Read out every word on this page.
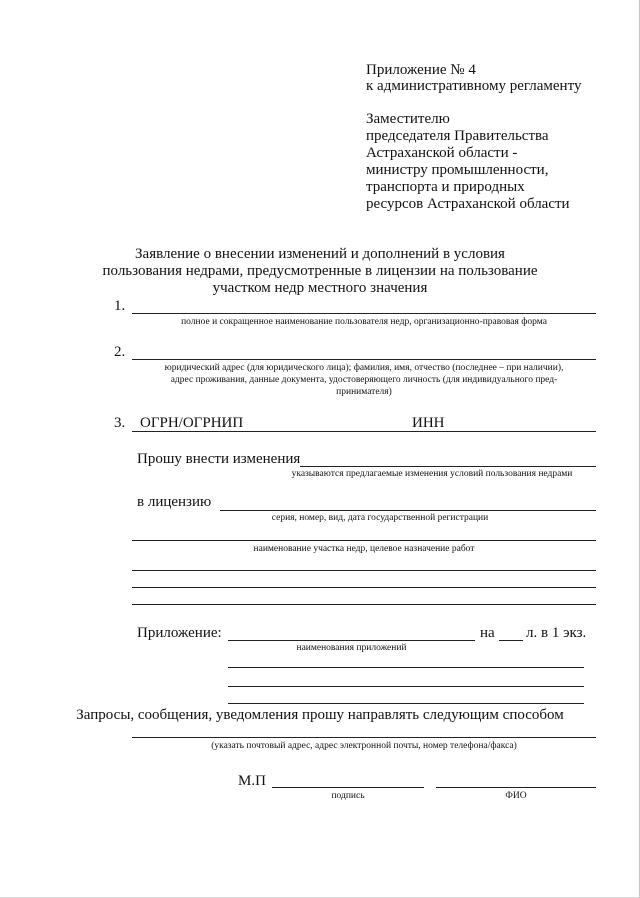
Приложение № 4
к административному регламенту
Заместителю
председателя Правительства
Астраханской области -
министру промышленности,
транспорта и природных
ресурсов Астраханской области
Заявление о внесении изменений и дополнений в условия
пользования недрами, предусмотренные в лицензии на пользование
участком недр местного значения
1.
полное и сокращенное наименование пользователя недр, организационно-правовая форма
2.
юридический адрес (для юридического лица); фамилия, имя, отчество (последнее – при наличии),
адрес проживания, данные документа, удостоверяющего личность (для индивидуального пред-
принимателя)
3. ОГРН/ОГРНИП	ИНН
Прошу внести изменения
указываются предлагаемые изменения условий пользования недрами
в лицензию
серия, номер, вид, дата государственной регистрации
наименование участка недр, целевое назначение работ
Приложение:	на л. в 1 экз.
наименования приложений
Запросы, сообщения, уведомления прошу направлять следующим способом
(указать почтовый адрес, адрес электронной почты, номер телефона/факса)
М.П
подпись	ФИО
